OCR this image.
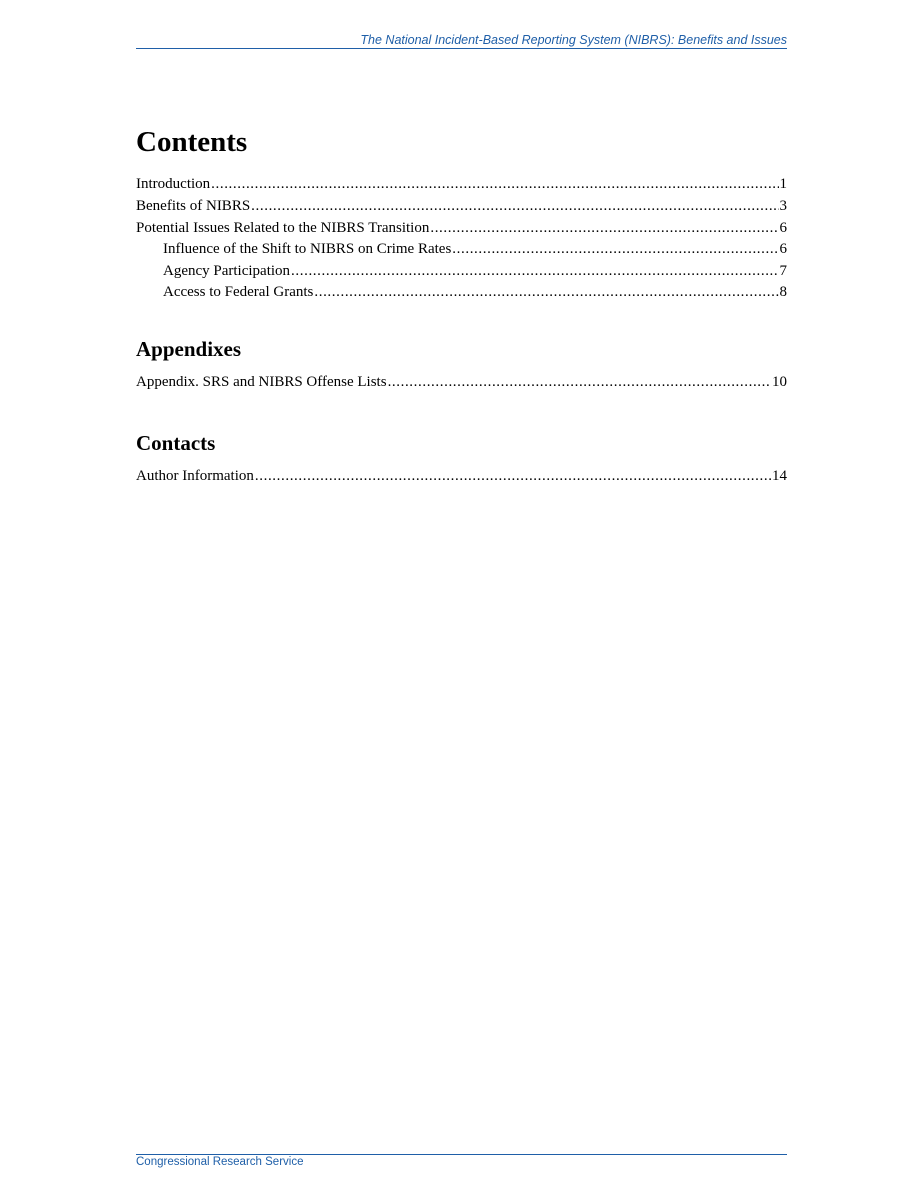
The National Incident-Based Reporting System (NIBRS): Benefits and Issues
Contents
Introduction .....	1
Benefits of NIBRS .....	3
Potential Issues Related to the NIBRS Transition .....	6
Influence of the Shift to NIBRS on Crime Rates .....	6
Agency Participation .....	7
Access to Federal Grants .....	8
Appendixes
Appendix. SRS and NIBRS Offense Lists .....	10
Contacts
Author Information .....	14
Congressional Research Service
